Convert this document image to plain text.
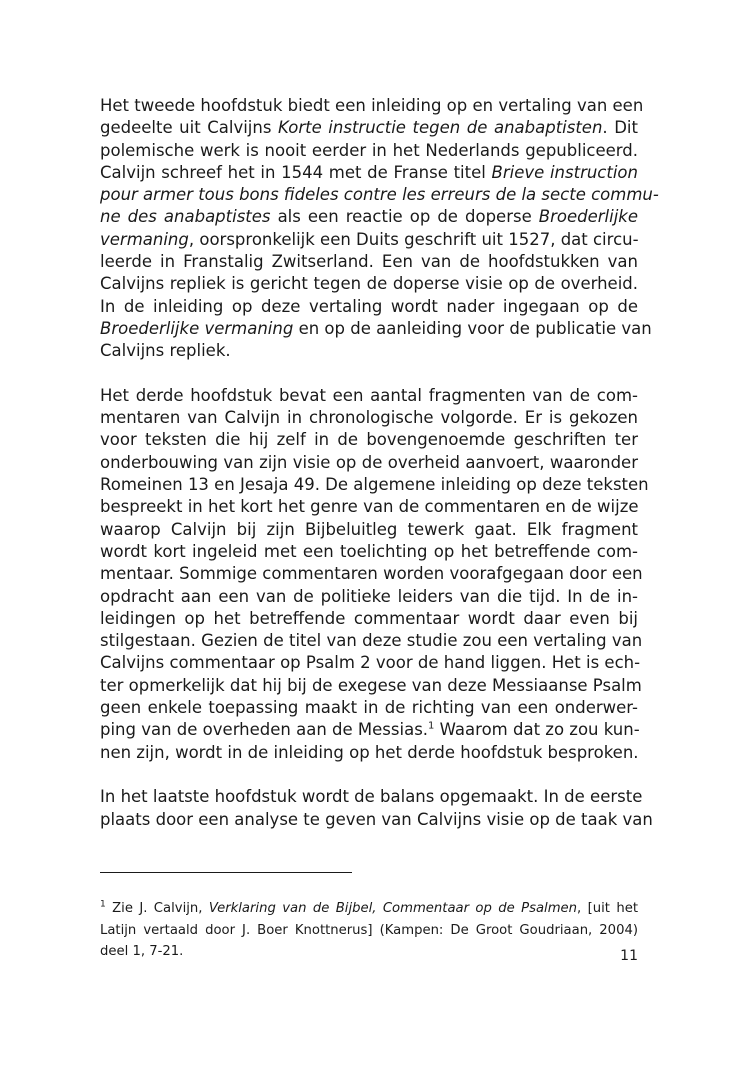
Het tweede hoofdstuk biedt een inleiding op en vertaling van een
gedeelte uit Calvijns Korte instructie tegen de anabaptisten. Dit
polemische werk is nooit eerder in het Nederlands gepubliceerd.
Calvijn schreef het in 1544 met de Franse titel Brieve instruction
pour armer tous bons fideles contre les erreurs de la secte commu-
ne des anabaptistes als een reactie op de doperse Broederlijke
vermaning, oorspronkelijk een Duits geschrift uit 1527, dat circu-
leerde in Franstalig Zwitserland. Een van de hoofdstukken van
Calvijns repliek is gericht tegen de doperse visie op de overheid.
In de inleiding op deze vertaling wordt nader ingegaan op de
Broederlijke vermaning en op de aanleiding voor de publicatie van
Calvijns repliek.

Het derde hoofdstuk bevat een aantal fragmenten van de com-
mentaren van Calvijn in chronologische volgorde. Er is gekozen
voor teksten die hij zelf in de bovengenoemde geschriften ter
onderbouwing van zijn visie op de overheid aanvoert, waaronder
Romeinen 13 en Jesaja 49. De algemene inleiding op deze teksten
bespreekt in het kort het genre van de commentaren en de wijze
waarop Calvijn bij zijn Bijbeluitleg tewerk gaat. Elk fragment
wordt kort ingeleid met een toelichting op het betreffende com-
mentaar. Sommige commentaren worden voorafgegaan door een
opdracht aan een van de politieke leiders van die tijd. In de in-
leidingen op het betreffende commentaar wordt daar even bij
stilgestaan. Gezien de titel van deze studie zou een vertaling van
Calvijns commentaar op Psalm 2 voor de hand liggen. Het is ech-
ter opmerkelijk dat hij bij de exegese van deze Messiaanse Psalm
geen enkele toepassing maakt in de richting van een onderwer-
ping van de overheden aan de Messias.$^1$ Waarom dat zo zou kun-
nen zijn, wordt in de inleiding op het derde hoofdstuk besproken.

In het laatste hoofdstuk wordt de balans opgemaakt. In de eerste
plaats door een analyse te geven van Calvijns visie op de taak van

$^1$ Zie J. Calvijn, Verklaring van de Bijbel, Commentaar op de Psalmen, [uit het
Latijn vertaald door J. Boer Knottnerus] (Kampen: De Groot Goudriaan, 2004)
deel 1, 7-21.	11
